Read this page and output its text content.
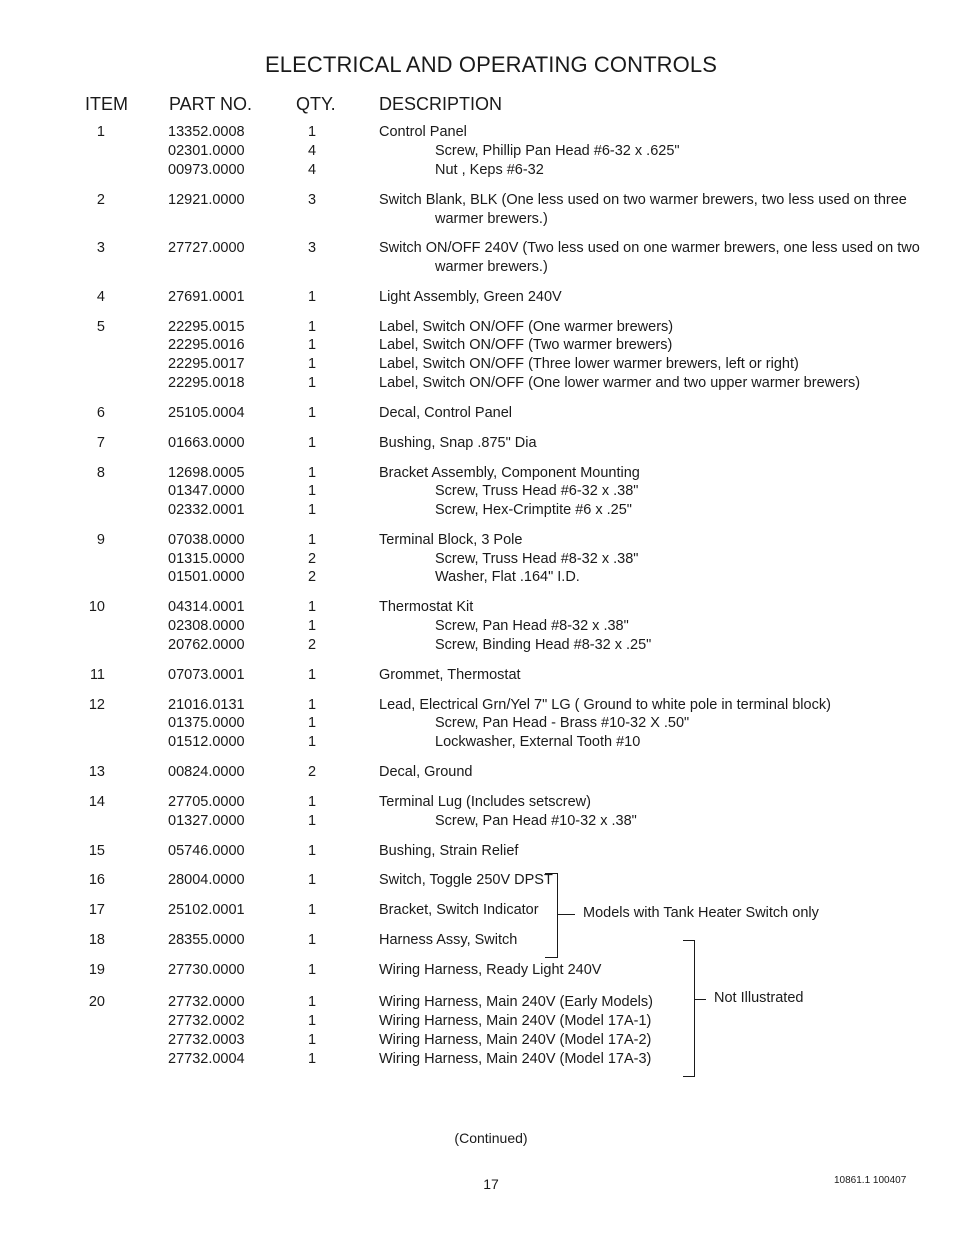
ELECTRICAL AND OPERATING CONTROLS
ITEM PART NO. QTY. DESCRIPTION
1	13352.0008	1	Control Panel
02301.0000	4	Screw, Phillip Pan Head #6-32 x .625"
00973.0000	4	Nut , Keps #6-32
2	12921.0000	3	Switch Blank, BLK (One less used on two warmer brewers, two less used on three
warmer brewers.)
3	27727.0000	3	Switch ON/OFF 240V (Two less used on one warmer brewers, one less used on two
warmer brewers.)
4	27691.0001	1	Light Assembly, Green 240V
5	22295.0015	1	Label, Switch ON/OFF (One warmer brewers)
22295.0016	1	Label, Switch ON/OFF (Two warmer brewers)
22295.0017	1	Label, Switch ON/OFF (Three lower warmer brewers, left or right)
22295.0018	1	Label, Switch ON/OFF (One lower warmer and two upper warmer brewers)
6	25105.0004	1	Decal, Control Panel
7	01663.0000	1	Bushing, Snap .875" Dia
8	12698.0005	1	Bracket Assembly, Component Mounting
01347.0000	1	Screw, Truss Head #6-32 x .38"
02332.0001	1	Screw, Hex-Crimptite #6 x .25"
9	07038.0000	1	Terminal Block, 3 Pole
01315.0000	2	Screw, Truss Head #8-32 x .38"
01501.0000	2	Washer, Flat .164" I.D.
10	04314.0001	1	Thermostat Kit
02308.0000	1	Screw, Pan Head #8-32 x .38"
20762.0000	2	Screw, Binding Head #8-32 x .25"
11	07073.0001	1	Grommet, Thermostat
12	21016.0131	1	Lead, Electrical Grn/Yel 7" LG ( Ground to white pole in terminal block)
01375.0000	1	Screw, Pan Head - Brass #10-32 X .50"
01512.0000	1	Lockwasher, External Tooth #10
13	00824.0000	2	Decal, Ground
14	27705.0000	1	Terminal Lug (Includes setscrew)
01327.0000	1	Screw, Pan Head #10-32 x .38"
15	05746.0000	1	Bushing, Strain Relief
16	28004.0000	1	Switch, Toggle 250V DPST
17	25102.0001	1	Bracket, Switch Indicator
18	28355.0000	1	Harness Assy, Switch
19	27730.0000	1	Wiring Harness, Ready Light 240V
20	27732.0000	1	Wiring Harness, Main 240V (Early Models)
27732.0002	1	Wiring Harness, Main 240V (Model 17A-1)
27732.0003	1	Wiring Harness, Main 240V (Model 17A-2)
27732.0004	1	Wiring Harness, Main 240V (Model 17A-3)
Models with Tank Heater Switch only
Not Illustrated
(Continued)
17	10861.1 100407
